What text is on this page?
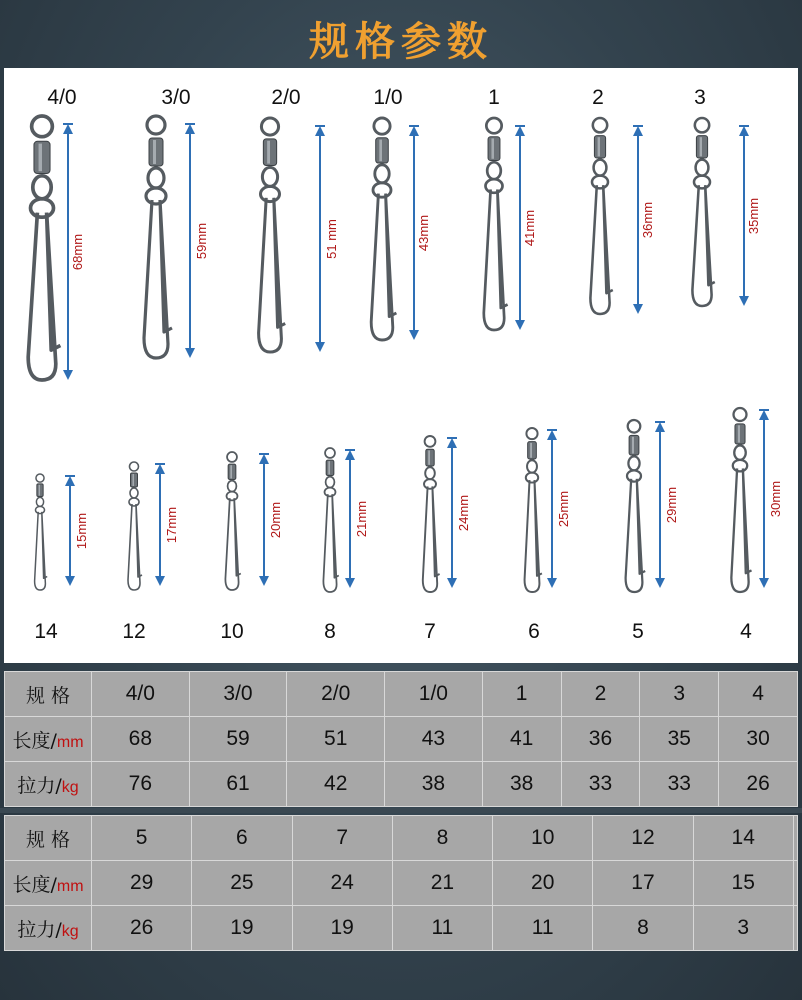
规格参数
4/0
68mm
3/0
59mm
2/0
51 mm
1/0
43mm
1
41mm
2
36mm
3
35mm
15mm
14
17mm
12
20mm
10
21mm
8
24mm
7
25mm
6
29mm
5
30mm
4
规 格	4/0	3/0	2/0	1/0	1	2	3	4
长度/mm	68	59	51	43	41	36	35	30
拉力/kg	76	61	42	38	38	33	33	26
规 格	5	6	7	8	10	12	14	
长度/mm	29	25	24	21	20	17	15	
拉力/kg	26	19	19	11	11	8	3	
